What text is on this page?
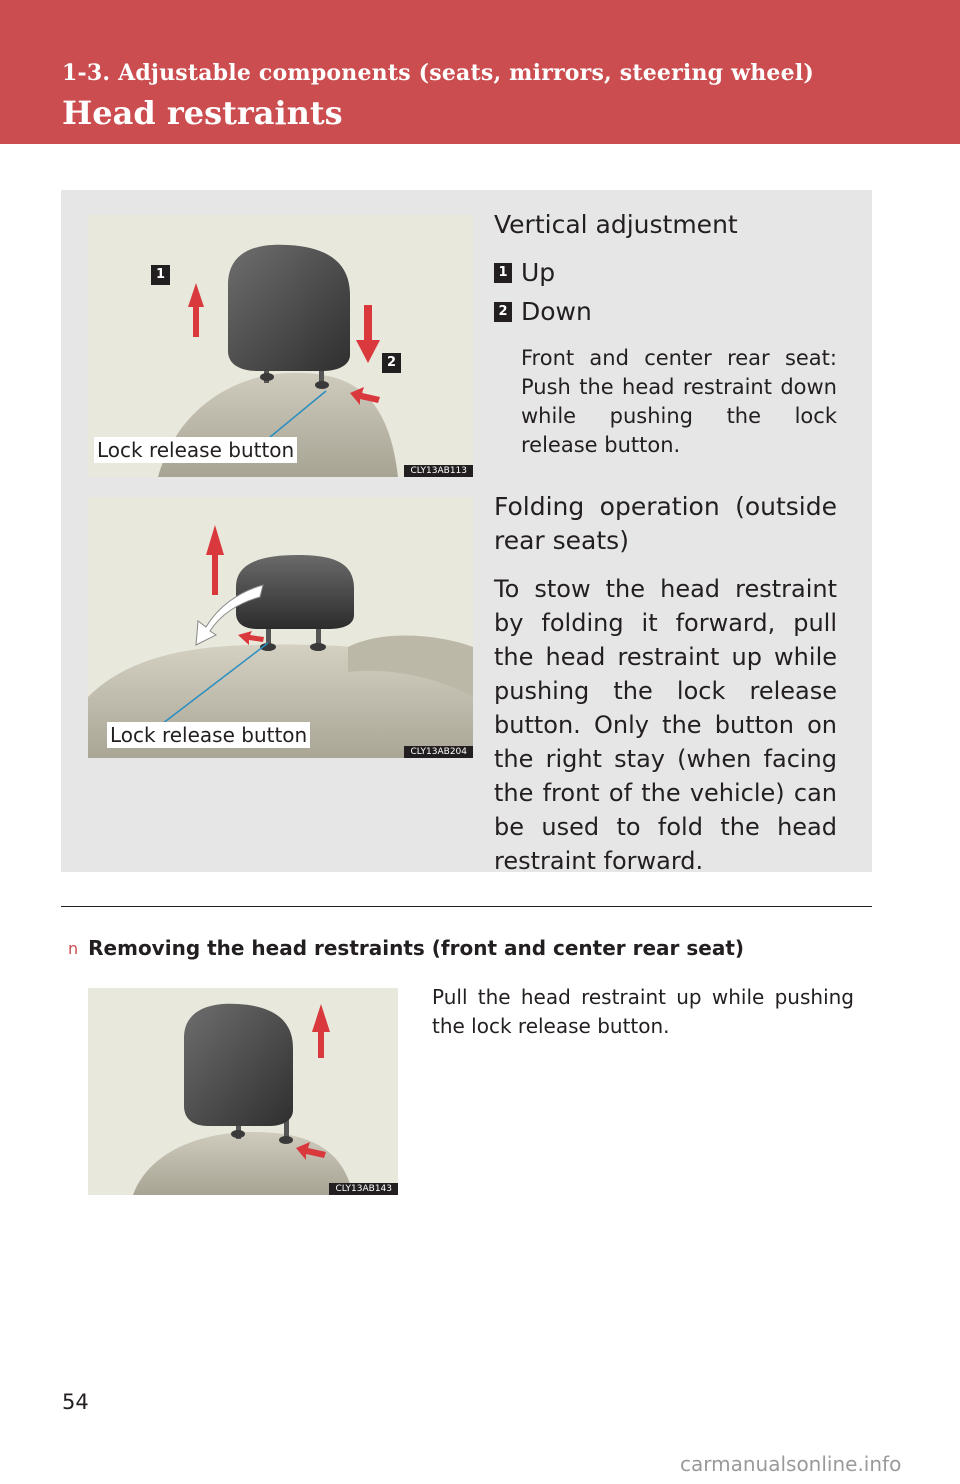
1-3. Adjustable components (seats, mirrors, steering wheel)
Head restraints
1
2
Lock release button
CLY13AB113
Vertical adjustment
1 Up
2 Down
Front and center rear seat: Push the head restraint down while pushing the lock release button.
Lock release button
CLY13AB204
Folding operation (outside rear seats)
To stow the head restraint by folding it forward, pull the head restraint up while pushing the lock release button. Only the button on the right stay (when facing the front of the vehicle) can be used to fold the head restraint forward.
n Removing the head restraints (front and center rear seat)
CLY13AB143
Pull the head restraint up while pushing the lock release button.
54
carmanualsonline.info
